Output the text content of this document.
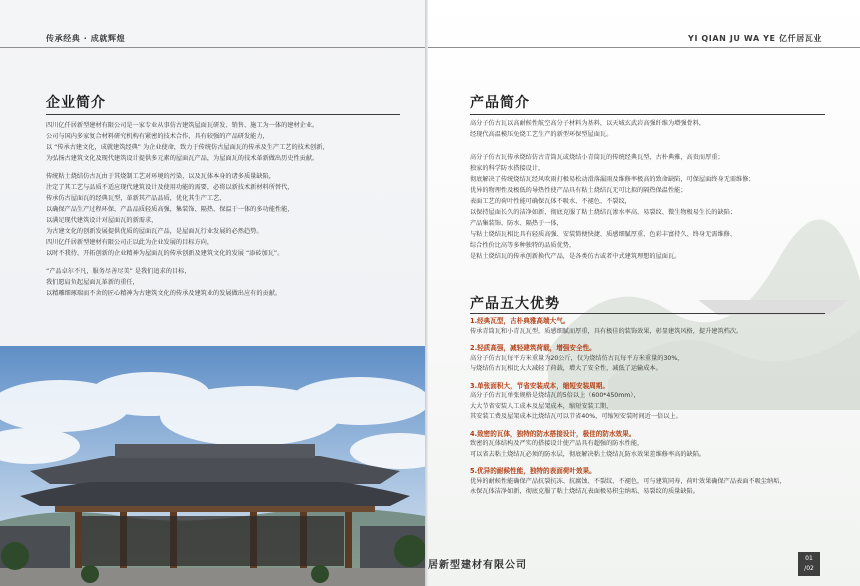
传承经典 · 成就辉煌
企业简介

四川亿仟居新型建材有限公司是一家专业从事仿古建筑屋面瓦研发、销售、施工为一体的建材企业。

公司与国内多家复合材料研究机构有紧密的技术合作，具有较强的产品研发能力，

以 “传承古建文化，成就建筑经典” 为企业使命，致力于传统仿古屋面瓦的传承及生产工艺的技术创新，

为弘扬古建筑文化及现代建筑设计提供多元素的屋面瓦产品，为屋面瓦的技术革新做出历史性贡献。

传统粘土烧结仿古瓦由于其烧制工艺对环境的污染，以及瓦体本身的诸多质量缺陷，

注定了其工艺与品质不适应现代建筑设计及使用功能的需要，必将以新技术新材料所替代，

传承仿古屋面瓦的经典瓦型，革新其产品品质，优化其生产工艺，

以确保产品生产过程环保，产品品质轻质高强，集装饰、隔热、保温于一体的多功能性能，

以满足现代建筑设计对屋面瓦的新需求，

为古建文化的创新发展提供优质的屋面瓦产品，是屋面瓦行业发展的必然趋势。

四川亿仟居新型建材有限公司正以此为企业发展的目标方向，

以时不我待、开拓创新的企业精神为屋面瓦的传承创新及建筑文化的发展 “添砖加瓦”。

“产品卓尔不凡，服务尽善尽美” 是我们追求的目标，

我们愿肩负起屋面瓦革新的重任，

以精雕细琢瑞而不舍的匠心精神为古建筑文化的传承及建筑业的发展做出应有的贡献。

YI QIAN JU WA YE 亿仟居瓦业
产品简介

高分子仿古瓦以高耐候性航空高分子材料为基料，以天城玄武岩高强纤维为增强骨料，

经现代高温模压免烧工艺生产的新型环保型屋面瓦。

高分子仿古瓦传承烧结仿古青筒瓦或烧结小青筒瓦的传统经典瓦型，古朴典雅，高贵而厚重；

独家的科学防水搭接设计，

彻底解决了传统烧结瓦经风吹雨打极易松动滑落漏雨及维修率极高的致命缺陷，可保屋面终身无需维修；

优异的物理性及极低的导热性使产品具有粘土烧结瓦无可比拟的隔热保温性能；

表面工艺的荷叶性能可确保瓦体不吸水、不褪色、不裂纹，

以保持屋面长久的洁净如新，彻底克服了粘土烧结瓦渗水率高、易裂纹、微生物极易生长的缺陷；

产品集装饰、防水、隔热于一体，

与粘土烧结瓦相比具有轻质高强、安装简便快捷、质感细腻厚重、色彩丰富持久、终身无需维修、

综合性价比高等多种独特的品质优势，

是粘土烧结瓦的传承创新换代产品，是各类仿古或者中式建筑理想的屋面瓦。

产品五大优势
1.经典瓦型，古朴典雅高端大气。
传承青筒瓦和小青瓦瓦型，质感细腻而厚重，具有极佳的装饰效果，彰显建筑风格，提升建筑档次。
2.轻质高强，减轻建筑荷载，增强安全性。
高分子仿古瓦每平方米重量为20公斤，仅为烧结仿古瓦每平方米重量的30%，
与烧结仿古瓦相比大大减轻了荷载，增大了安全性，减低了运输成本。
3.单张面积大，节省安装成本，缩短安装周期。
高分子仿古瓦单张规格是烧结瓦的5倍以上（600*450mm），
大大节省安装人工成本及屋架成本，缩短安装工期，
其安装工费及屋架成本比烧结瓦可以节省40%，可缩短安装时间近一倍以上。
4.致密的瓦体，独特的防水搭接设计，极佳的防水效果。
致密的瓦体结构及严实的搭接设计使产品具有超强的防水性能，
可以省去粘土烧结瓦必须的防水层，彻底解决粘土烧结瓦防水效果差维修率高的缺陷。
5.优异的耐候性能，独特的表面荷叶效果。
优异的耐候性能确保产品抗裂抗冻、抗腐蚀、不裂纹、不褪色，可与建筑同寿，荷叶效果确保产品表面不吸尘纳垢，
永保瓦体洁净如新，彻底克服了粘土烧结瓦表面极易积尘纳垢、易裂纹的质量缺陷。
居新型建材有限公司
01
/02
